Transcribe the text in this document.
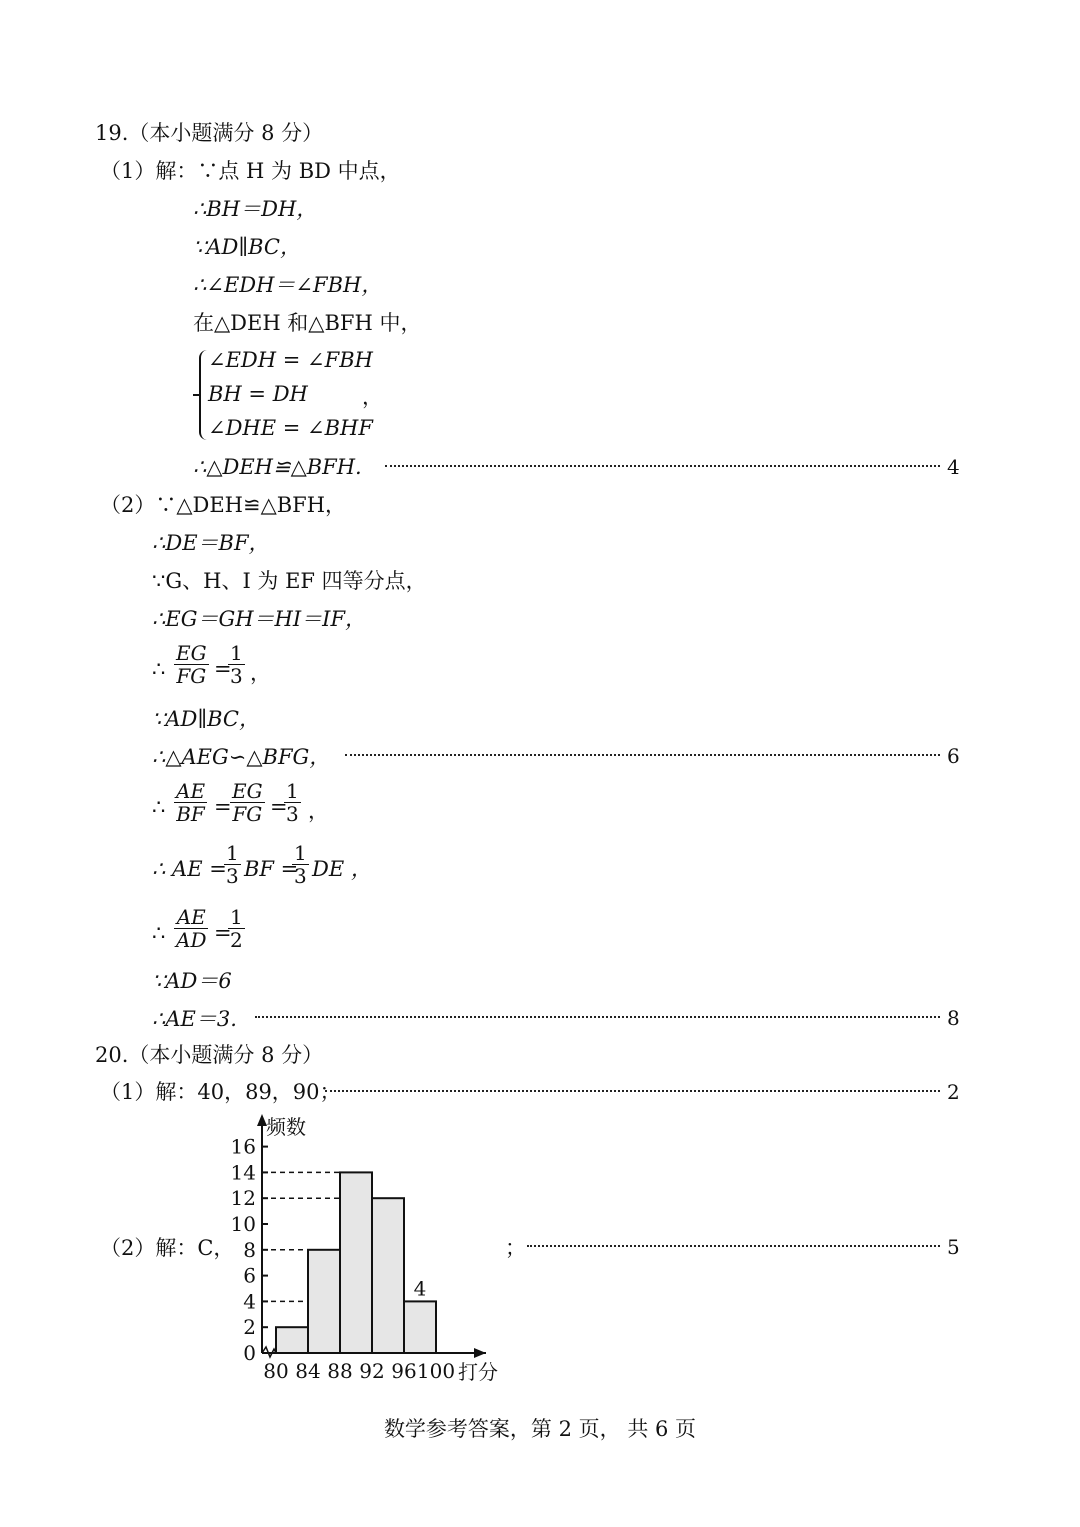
19.（本小题满分 8 分）
（1）解：∵点 H 为 BD 中点，
∴BH＝DH，
∵AD∥BC，
∴∠EDH＝∠FBH，
在△DEH 和△BFH 中，
∠EDH = ∠FBH
BH = DH
∠DHE = ∠BHF
，
∴△DEH≌△BFH.	4
（2）∵△DEH≌△BFH，
∴DE＝BF，
∵G、H、I 为 EF 四等分点，
∴EG＝GH＝HI＝IF，
∴ $\frac{EG}{FG}$ =
$\frac{1}{3}$ ，
∵AD∥BC，
∴△AEG∽△BFG，	6
∴ $\frac{AE}{BF}$ =
$\frac{EG}{FG}$ =
$\frac{1}{3}$ ，
∴ AE =
$\frac{1}{3}$ BF =
$\frac{1}{3}$ DE ，
∴ $\frac{AE}{AD}$ =
$\frac{1}{2}$
∵AD＝6
∴AE＝3.	8
20.（本小题满分 8 分）
（1）解：40，89，90；	2
（2）解：C，	；	5
0
2
4
6
8
10
12
14
16
4
80 84 88 92 96 100
频数
打分
数学参考答案，第 2 页， 共 6 页
